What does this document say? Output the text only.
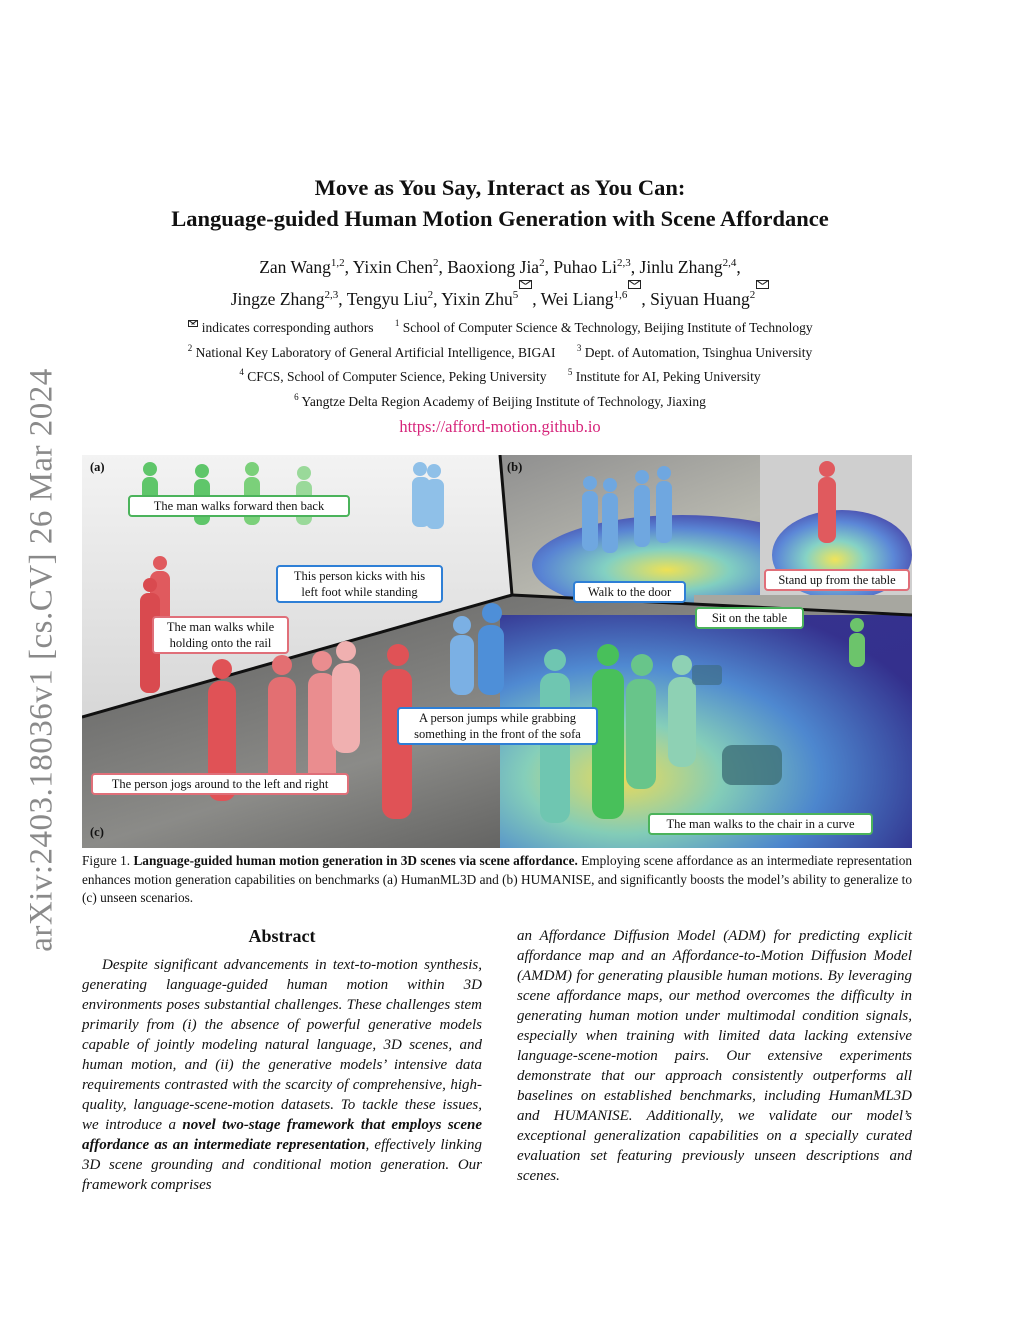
arXiv:2403.18036v1 [cs.CV] 26 Mar 2024
Move as You Say, Interact as You Can:
Language-guided Human Motion Generation with Scene Affordance
Zan Wang$^{1,2}$, Yixin Chen$^2$, Baoxiong Jia$^2$, Puhao Li$^{2,3}$, Jinlu Zhang$^{2,4}$,
Jingze Zhang$^{2,3}$, Tengyu Liu$^2$, Yixin Zhu$^5$ , Wei Liang$^{1,6}$ , Siyuan Huang$^2$
indicates corresponding authors $^1$ School of Computer Science & Technology, Beijing Institute of Technology
$^2$ National Key Laboratory of General Artificial Intelligence, BIGAI $^3$ Dept. of Automation, Tsinghua University
$^4$ CFCS, School of Computer Science, Peking University $^5$ Institute for AI, Peking University
$^6$ Yangtze Delta Region Academy of Beijing Institute of Technology, Jiaxing
https://afford-motion.github.io
(a)	(b)
(c)
The man walks forward then back
This person kicks with his
left foot while standing
The man walks while
holding onto the rail
Walk to the door
Stand up from the table
Sit on the table
A person jumps while grabbing
something in the front of the sofa
The person jogs around to the left and right
The man walks to the chair in a curve
Figure 1. Language-guided human motion generation in 3D scenes via scene affordance. Employing scene affordance as an intermediate representation enhances motion generation capabilities on benchmarks (a) HumanML3D and (b) HUMANISE, and significantly boosts the model’s ability to generalize to (c) unseen scenarios.
Abstract
Despite significant advancements in text-to-motion synthesis, generating language-guided human motion within 3D environments poses substantial challenges. These challenges stem primarily from (i) the absence of powerful generative models capable of jointly modeling natural language, 3D scenes, and human motion, and (ii) the generative models’ intensive data requirements contrasted with the scarcity of comprehensive, high-quality, language-scene-motion datasets. To tackle these issues, we introduce a novel two-stage framework that employs scene affordance as an intermediate representation, effectively linking 3D scene grounding and conditional motion generation. Our framework comprises
an Affordance Diffusion Model (ADM) for predicting explicit affordance map and an Affordance-to-Motion Diffusion Model (AMDM) for generating plausible human motions. By leveraging scene affordance maps, our method overcomes the difficulty in generating human motion under multimodal condition signals, especially when training with limited data lacking extensive language-scene-motion pairs. Our extensive experiments demonstrate that our approach consistently outperforms all baselines on established benchmarks, including HumanML3D and HUMANISE. Additionally, we validate our model’s exceptional generalization capabilities on a specially curated evaluation set featuring previously unseen descriptions and scenes.
